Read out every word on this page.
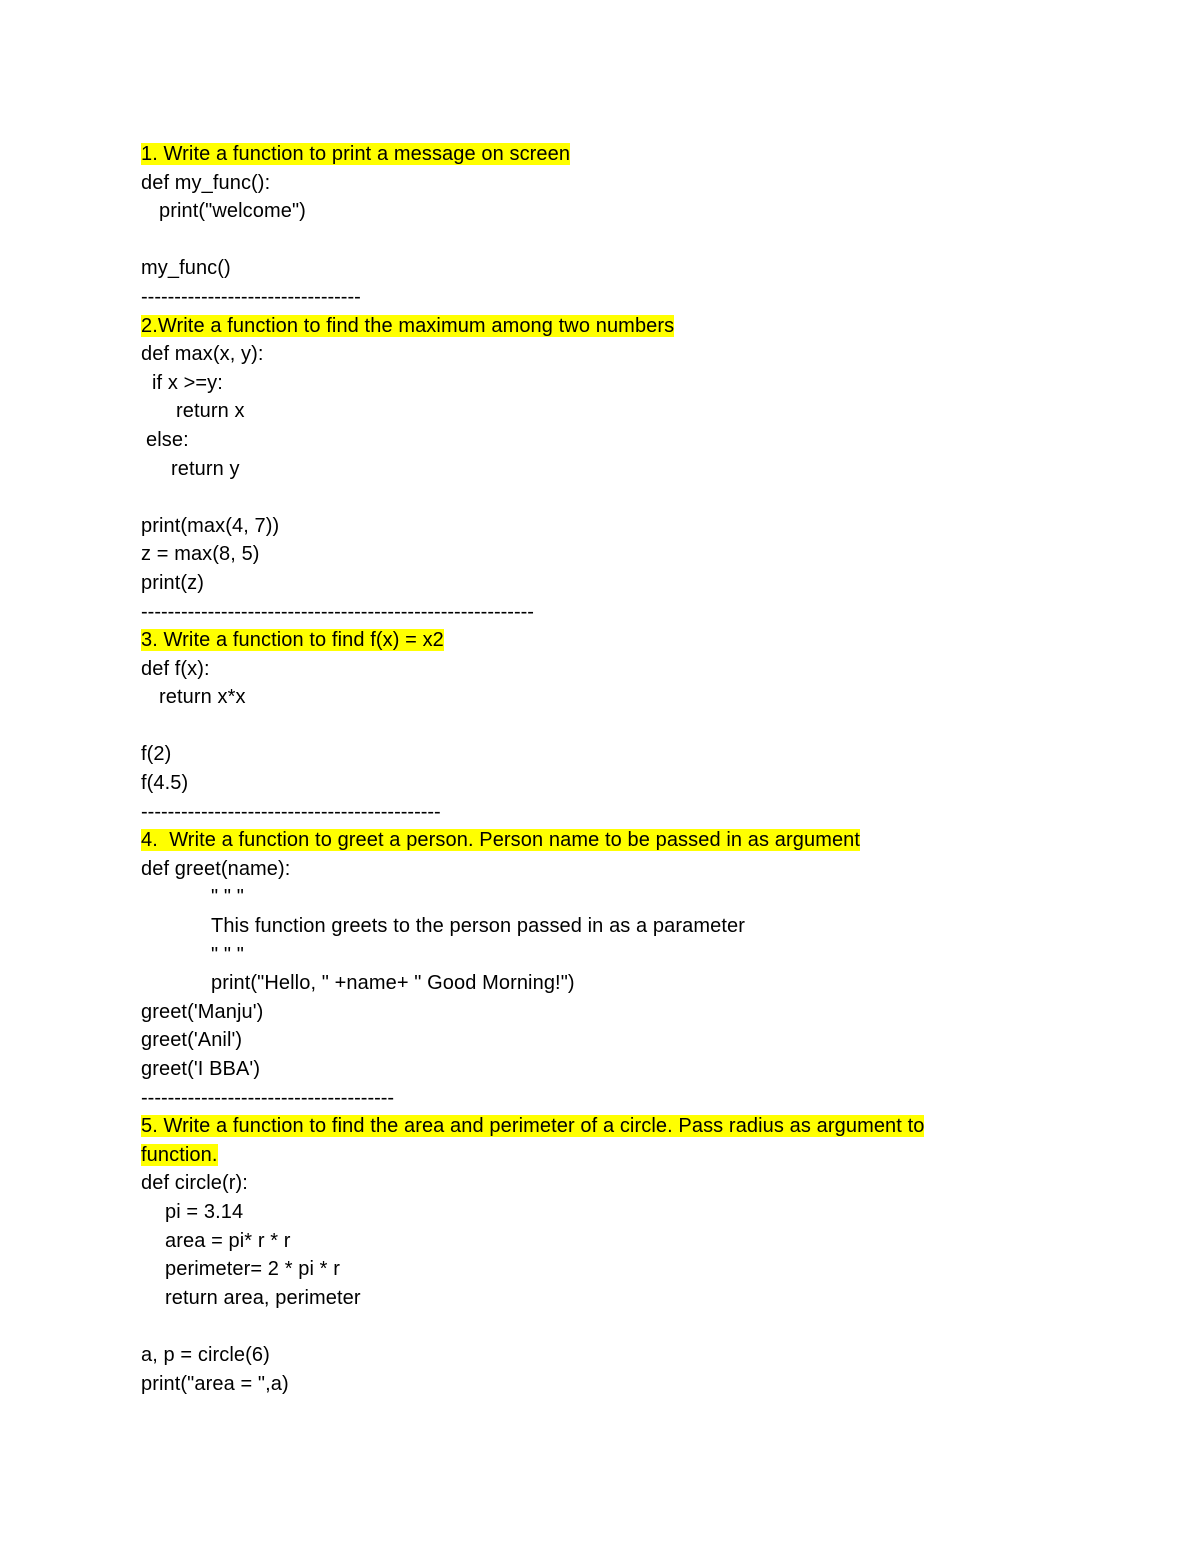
1. Write a function to print a message on screen
def my_func():
print("welcome")
my_func()
---------------------------------
2.Write a function to find the maximum among two numbers
def max(x, y):
if x >=y:
return x
else:
return y
print(max(4, 7))
z = max(8, 5)
print(z)
-----------------------------------------------------------
3. Write a function to find f(x) = x2
def f(x):
return x*x
f(2)
f(4.5)
---------------------------------------------
4.  Write a function to greet a person. Person name to be passed in as argument
def greet(name):
" " "
This function greets to the person passed in as a parameter
" " "
print("Hello, " +name+ " Good Morning!")
greet('Manju')
greet('Anil')
greet('I BBA')
--------------------------------------
5. Write a function to find the area and perimeter of a circle. Pass radius as argument to
function.
def circle(r):
pi = 3.14
area = pi* r * r
perimeter= 2 * pi * r
return area, perimeter
a, p = circle(6)
print("area = ",a)
